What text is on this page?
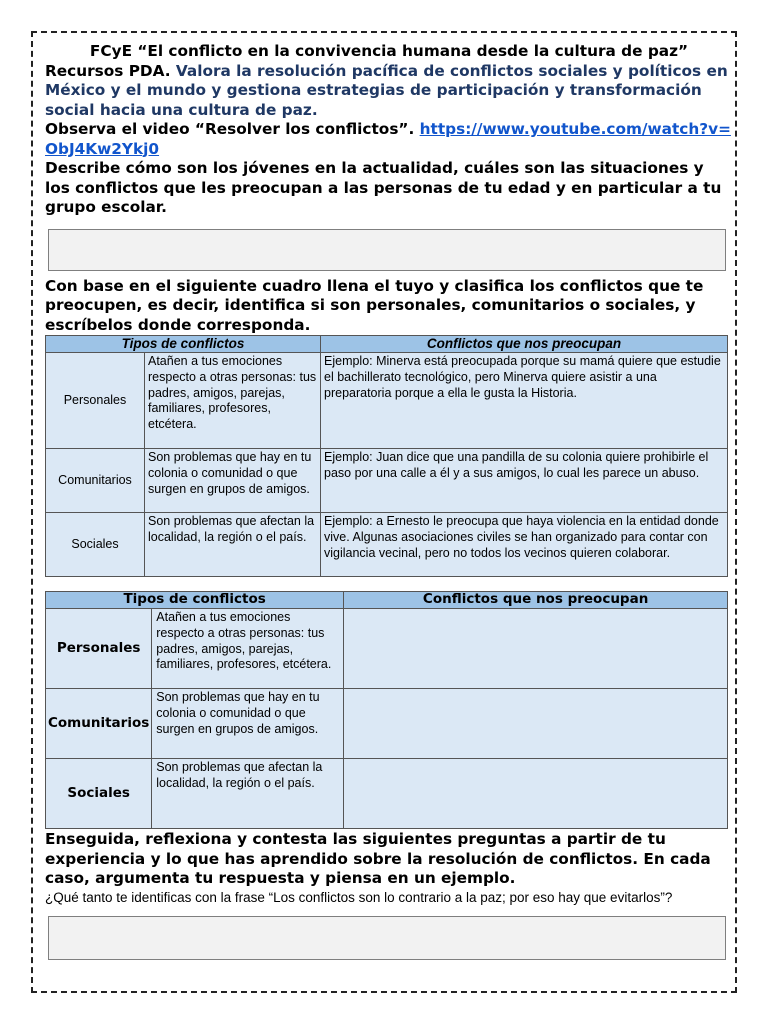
FCyE “El conflicto en la convivencia humana desde la cultura de paz”
Recursos PDA. Valora la resolución pacífica de conflictos sociales y políticos en México y el mundo y gestiona estrategias de participación y transformación social hacia una cultura de paz.
Observa el video “Resolver los conflictos”. https://www.youtube.com/watch?v=ObJ4Kw2Ykj0
Describe cómo son los jóvenes en la actualidad, cuáles son las situaciones y los conflictos que les preocupan a las personas de tu edad y en particular a tu grupo escolar.
Con base en el siguiente cuadro llena el tuyo y clasifica los conflictos que te preocupen, es decir, identifica si son personales, comunitarios o sociales, y escríbelos donde corresponda.
Tipos de conflictos		Conflictos que nos preocupan
Personales	Atañen a tus emociones respecto a otras personas: tus padres, amigos, parejas, familiares, profesores, etcétera.	Ejemplo: Minerva está preocupada porque su mamá quiere que estudie el bachillerato tecnológico, pero Minerva quiere asistir a una preparatoria porque a ella le gusta la Historia.
Comunitarios	Son problemas que hay en tu colonia o comunidad o que surgen en grupos de amigos.	Ejemplo: Juan dice que una pandilla de su colonia quiere prohibirle el paso por una calle a él y a sus amigos, lo cual les parece un abuso.
Sociales	Son problemas que afectan la localidad, la región o el país.	Ejemplo: a Ernesto le preocupa que haya violencia en la entidad donde vive. Algunas asociaciones civiles se han organizado para contar con vigilancia vecinal, pero no todos los vecinos quieren colaborar.
Tipos de conflictos		Conflictos que nos preocupan
Personales	Atañen a tus emociones respecto a otras personas: tus padres, amigos, parejas, familiares, profesores, etcétera.	
Comunitarios	Son problemas que hay en tu colonia o comunidad o que surgen en grupos de amigos.	
Sociales	Son problemas que afectan la localidad, la región o el país.	
Enseguida, reflexiona y contesta las siguientes preguntas a partir de tu experiencia y lo que has aprendido sobre la resolución de conflictos. En cada caso, argumenta tu respuesta y piensa en un ejemplo.
¿Qué tanto te identificas con la frase “Los conflictos son lo contrario a la paz; por eso hay que evitarlos”?
